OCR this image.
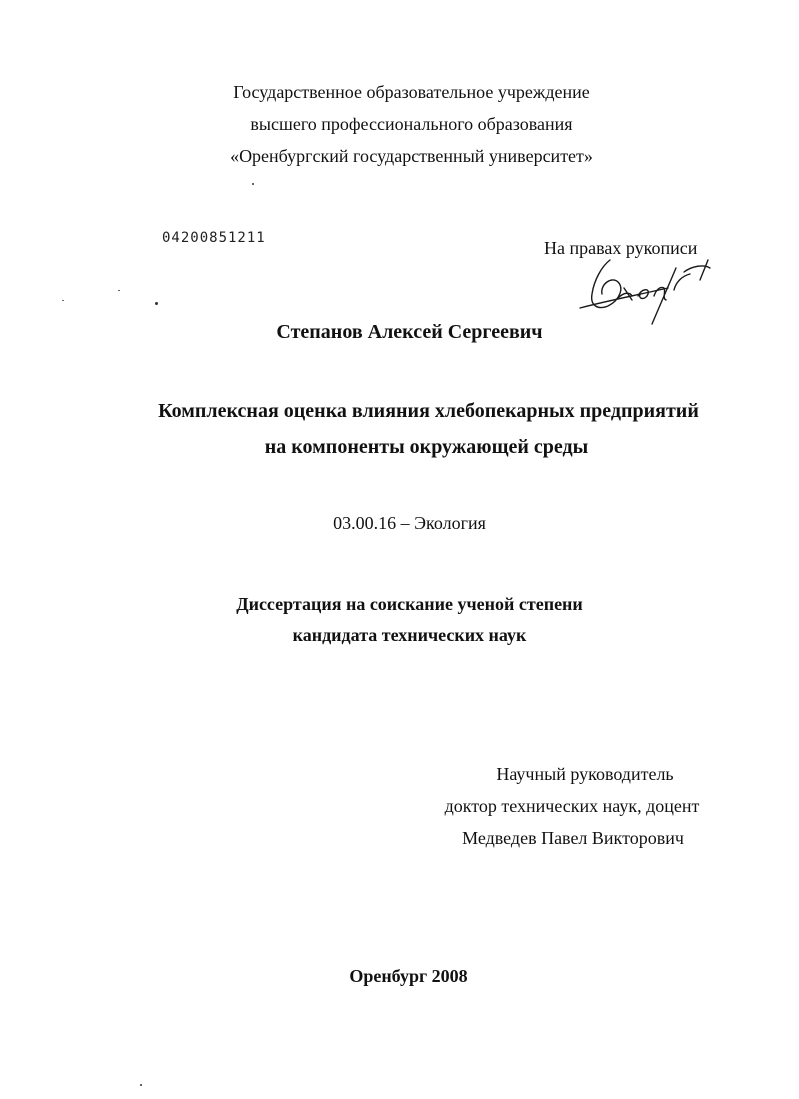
Государственное образовательное учреждение
высшего профессионального образования
«Оренбургский государственный университет»
04200851211	На правах рукописи
Степанов Алексей Сергеевич
Комплексная оценка влияния хлебопекарных предприятий
на компоненты окружающей среды
03.00.16 – Экология
Диссертация на соискание ученой степени
кандидата технических наук
Научный руководитель
доктор технических наук, доцент
Медведев Павел Викторович
Оренбург 2008
